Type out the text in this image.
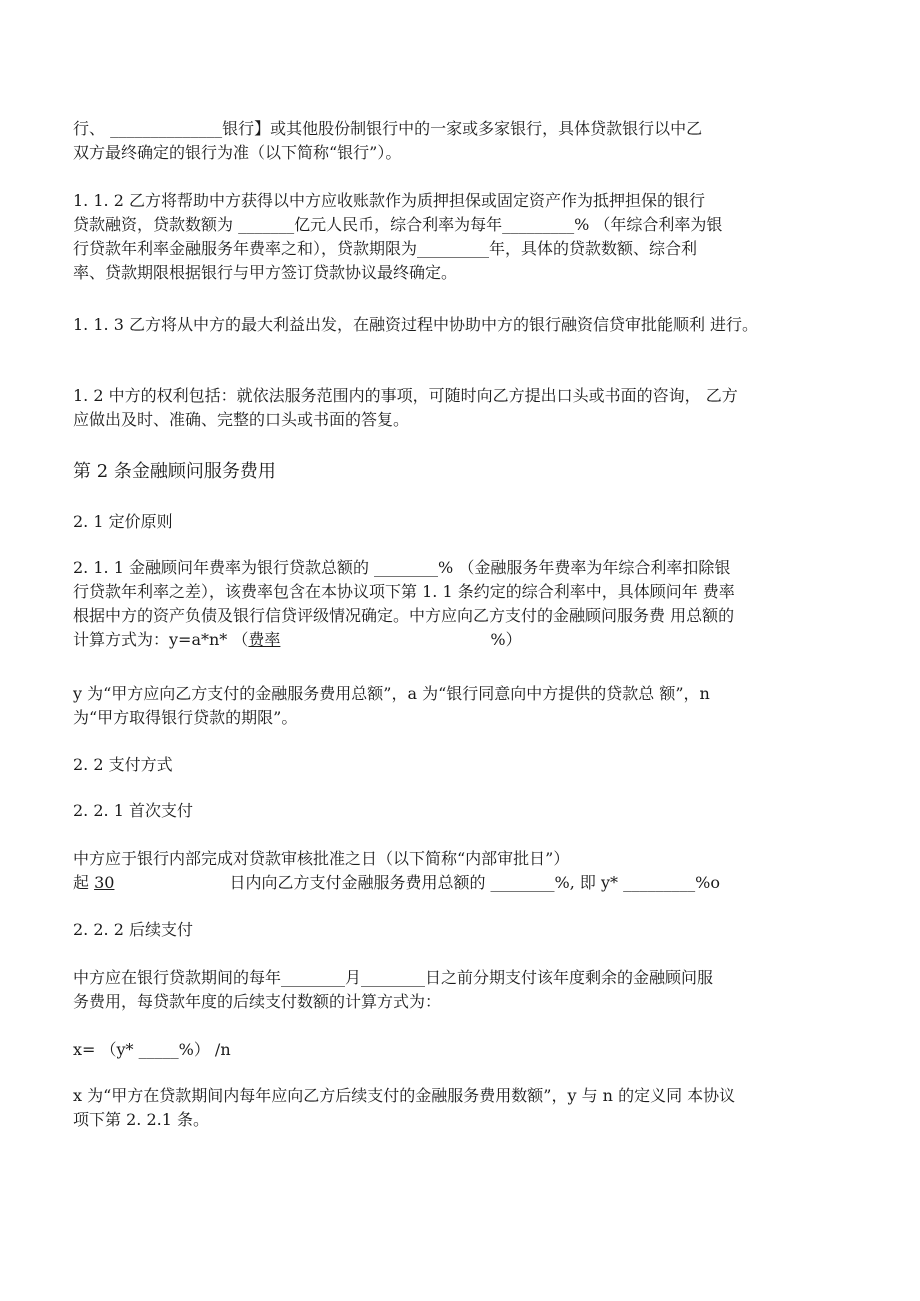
行、 ______________银行】或其他股份制银行中的一家或多家银行，具体贷款银行以中乙
双方最终确定的银行为准（以下简称“银行”）。
1. 1. 2 乙方将帮助中方获得以中方应收账款作为质押担保或固定资产作为抵押担保的银行
贷款融资，贷款数额为 _______亿元人民币，综合利率为每年_________% （年综合利率为银
行贷款年利率金融服务年费率之和），贷款期限为_________年，具体的贷款数额、综合利
率、贷款期限根据银行与甲方签订贷款协议最终确定。
1. 1. 3 乙方将从中方的最大利益出发，在融资过程中协助中方的银行融资信贷审批能顺利 进行。
1. 2 中方的权利包括：就依法服务范围内的事项，可随时向乙方提出口头或书面的咨询， 乙方
应做出及时、准确、完整的口头或书面的答复。
第 2 条金融顾问服务费用
2. 1 定价原则
2. 1. 1 金融顾问年费率为银行贷款总额的 ________% （金融服务年费率为年综合利率扣除银
行贷款年利率之差），该费率包含在本协议项下第 1. 1 条约定的综合利率中，具体顾问年 费率
根据中方的资产负债及银行信贷评级情况确定。中方应向乙方支付的金融顾问服务费 用总额的
计算方式为：y=a*n* （费率	%）
y 为“甲方应向乙方支付的金融服务费用总额”，a 为“银行同意向中方提供的贷款总 额”，n
为“甲方取得银行贷款的期限”。
2. 2 支付方式
2. 2. 1 首次支付
中方应于银行内部完成对贷款审核批准之日（以下简称“内部审批日”）
起 30	日内向乙方支付金融服务费用总额的 ________%, 即 y* _________%o
2. 2. 2 后续支付
中方应在银行贷款期间的每年________月________日之前分期支付该年度剩余的金融顾问服
务费用，每贷款年度的后续支付数额的计算方式为：
x= （y* _____%） /n
x 为“甲方在贷款期间内每年应向乙方后续支付的金融服务费用数额”，y 与 n 的定义同 本协议
项下第 2. 2.1 条。
